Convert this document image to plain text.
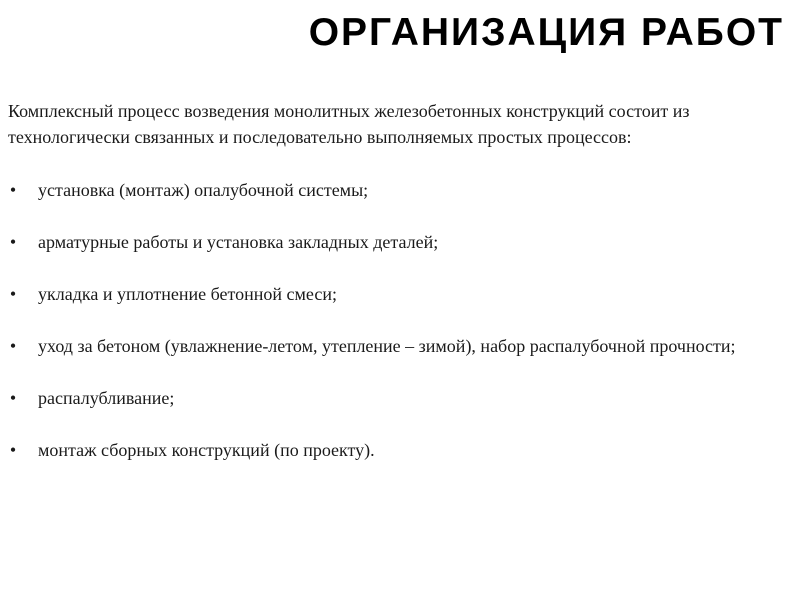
ОРГАНИЗАЦИЯ РАБОТ

Комплексный процесс возведения монолитных железобетонных конструкций состоит из технологически связанных и последовательно выполняемых простых процессов:

• установка (монтаж) опалубочной системы;
• арматурные работы и установка закладных деталей;
• укладка и уплотнение бетонной смеси;
• уход за бетоном (увлажнение-летом, утепление – зимой), набор распалубочной прочности;
• распалубливание;
• монтаж сборных конструкций (по проекту).
